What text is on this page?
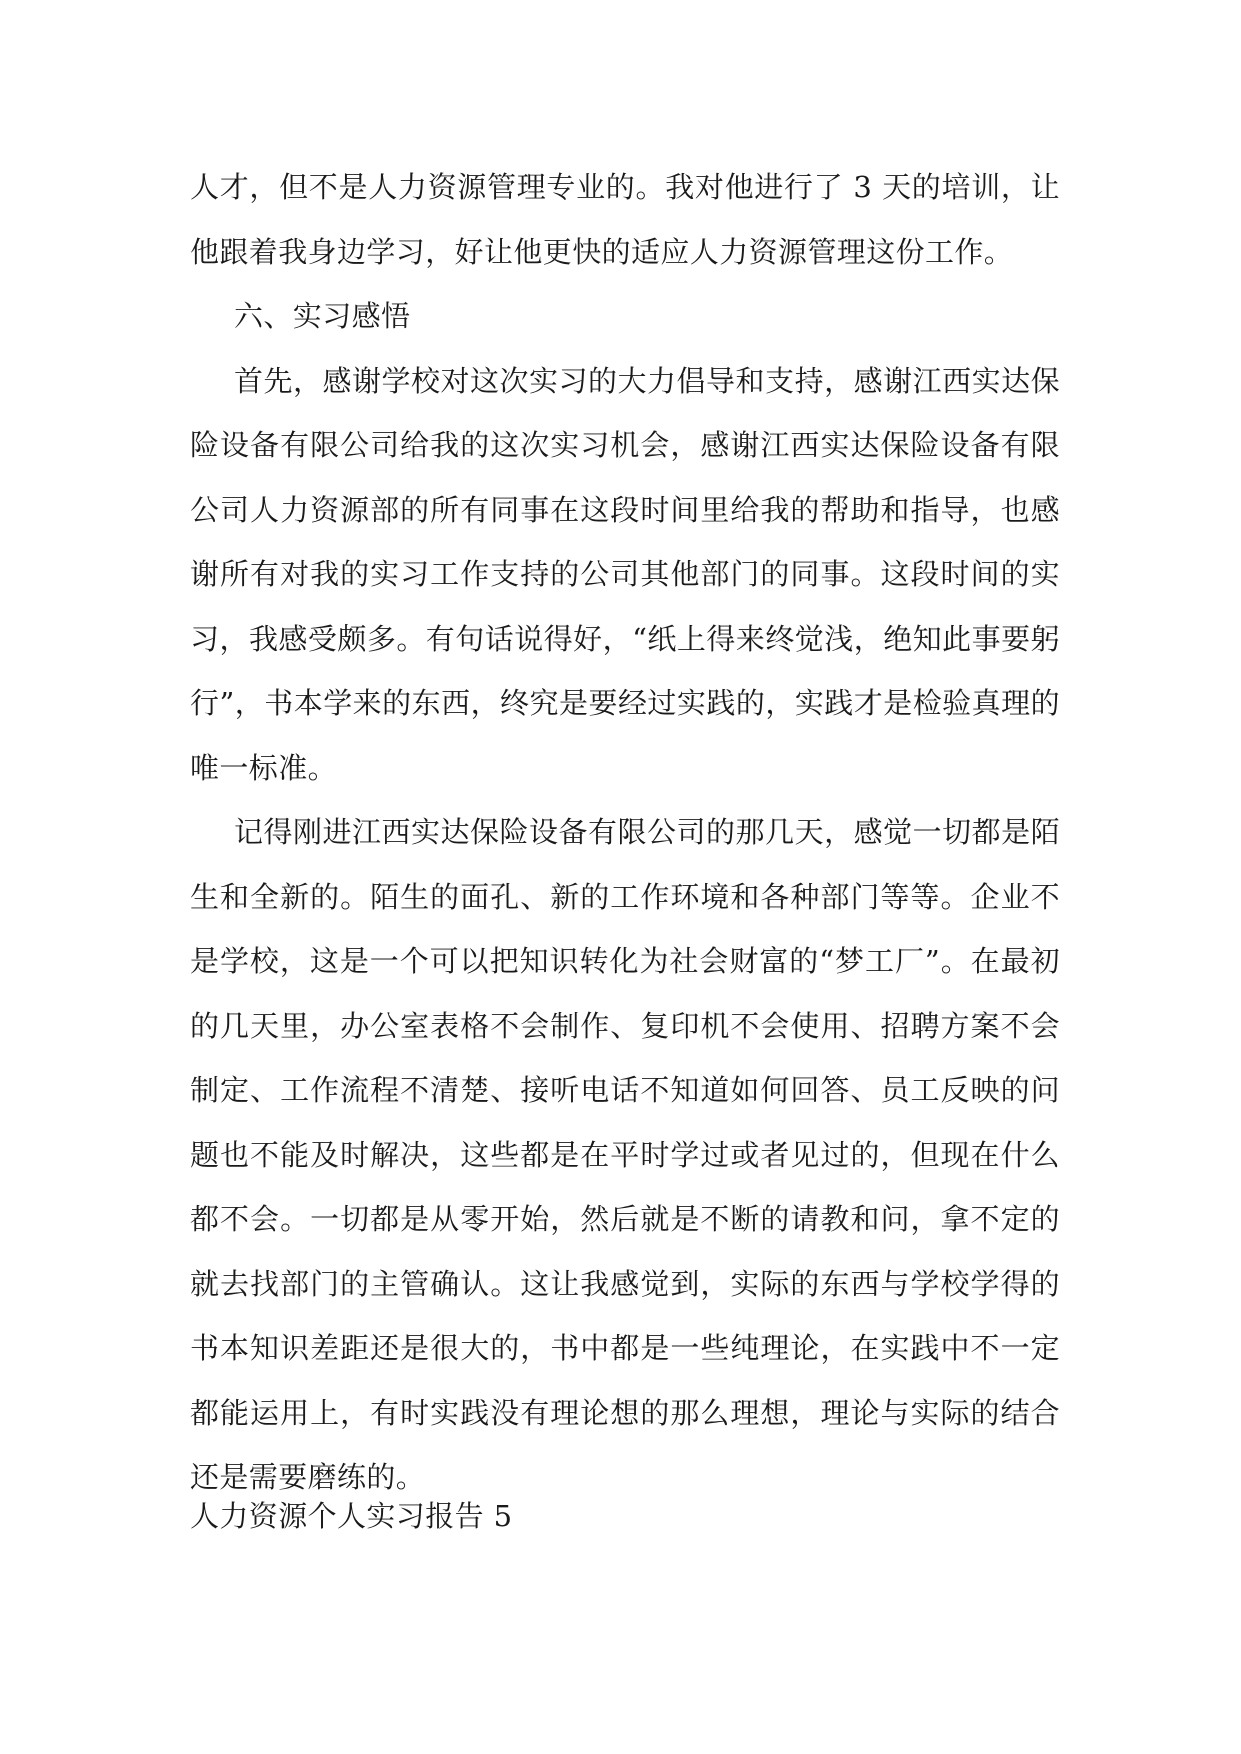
人才，但不是人力资源管理专业的。我对他进行了 3 天的培训，让他跟着我身边学习，好让他更快的适应人力资源管理这份工作。

六、实习感悟

首先，感谢学校对这次实习的大力倡导和支持，感谢江西实达保险设备有限公司给我的这次实习机会，感谢江西实达保险设备有限公司人力资源部的所有同事在这段时间里给我的帮助和指导，也感谢所有对我的实习工作支持的公司其他部门的同事。这段时间的实习，我感受颇多。有句话说得好，“纸上得来终觉浅，绝知此事要躬行”，书本学来的东西，终究是要经过实践的，实践才是检验真理的唯一标准。

记得刚进江西实达保险设备有限公司的那几天，感觉一切都是陌生和全新的。陌生的面孔、新的工作环境和各种部门等等。企业不是学校，这是一个可以把知识转化为社会财富的“梦工厂”。在最初的几天里，办公室表格不会制作、复印机不会使用、招聘方案不会制定、工作流程不清楚、接听电话不知道如何回答、员工反映的问题也不能及时解决，这些都是在平时学过或者见过的，但现在什么都不会。一切都是从零开始，然后就是不断的请教和问，拿不定的就去找部门的主管确认。这让我感觉到，实际的东西与学校学得的书本知识差距还是很大的，书中都是一些纯理论，在实践中不一定都能运用上，有时实践没有理论想的那么理想，理论与实际的结合还是需要磨练的。

人力资源个人实习报告 5
